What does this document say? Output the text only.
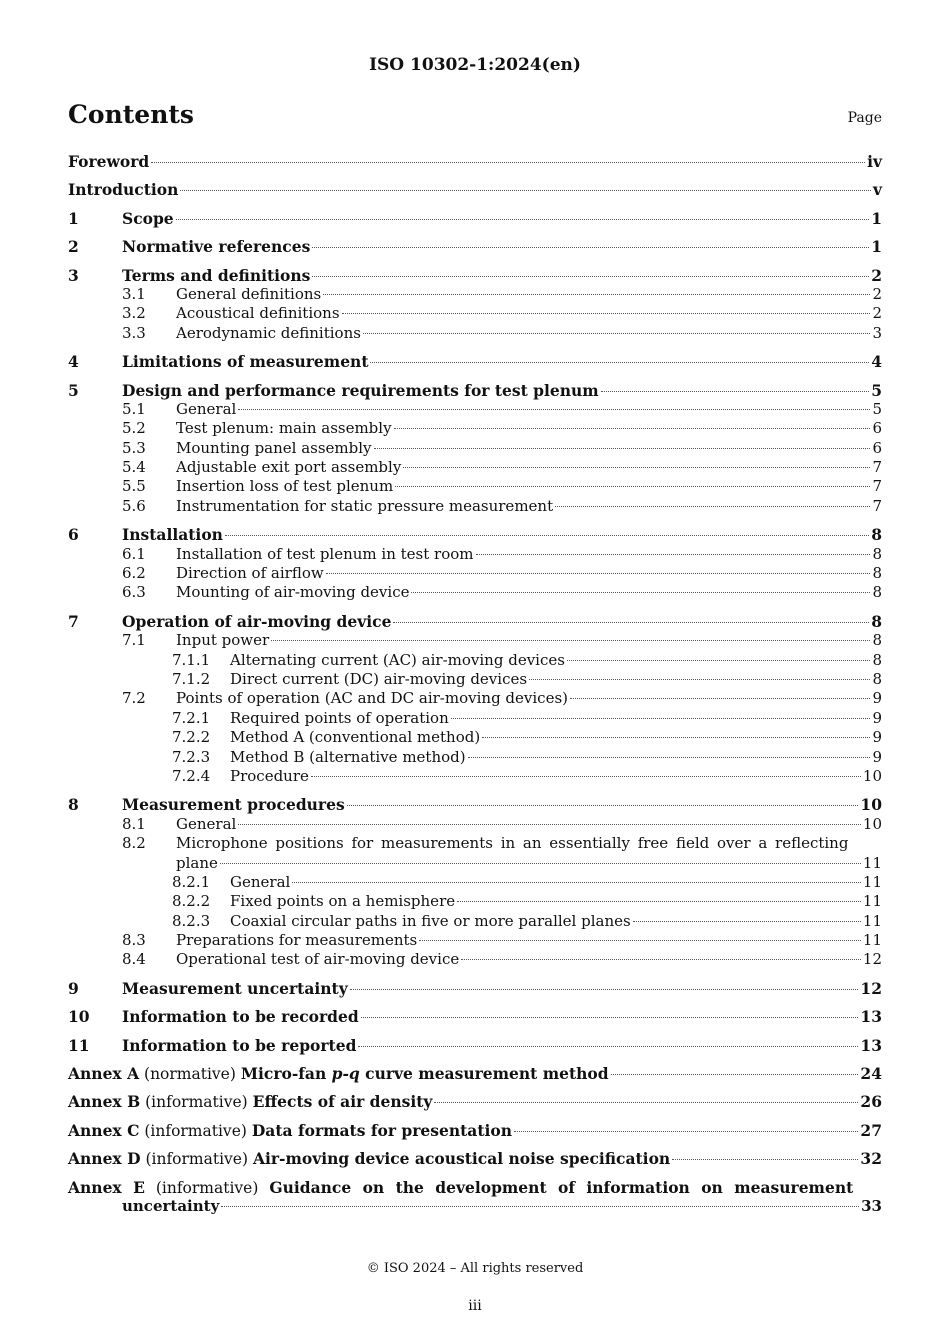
ISO 10302-1:2024(en)
Contents	Page
Foreword	iv
Introduction	v
1	Scope	1
2	Normative references	1
3	Terms and definitions	2
3.1	General definitions	2
3.2	Acoustical definitions	2
3.3	Aerodynamic definitions	3
4	Limitations of measurement	4
5	Design and performance requirements for test plenum	5
5.1	General	5
5.2	Test plenum: main assembly	6
5.3	Mounting panel assembly	6
5.4	Adjustable exit port assembly	7
5.5	Insertion loss of test plenum	7
5.6	Instrumentation for static pressure measurement	7
6	Installation	8
6.1	Installation of test plenum in test room	8
6.2	Direction of airflow	8
6.3	Mounting of air-moving device	8
7	Operation of air-moving device	8
7.1	Input power	8
7.1.1	Alternating current (AC) air-moving devices	8
7.1.2	Direct current (DC) air-moving devices	8
7.2	Points of operation (AC and DC air-moving devices)	9
7.2.1	Required points of operation	9
7.2.2	Method A (conventional method)	9
7.2.3	Method B (alternative method)	9
7.2.4	Procedure	10
8	Measurement procedures	10
8.1	General	10
8.2	Microphone positions for measurements in an essentially free field over a reflecting
plane	11
8.2.1	General	11
8.2.2	Fixed points on a hemisphere	11
8.2.3	Coaxial circular paths in five or more parallel planes	11
8.3	Preparations for measurements	11
8.4	Operational test of air-moving device	12
9	Measurement uncertainty	12
10	Information to be recorded	13
11	Information to be reported	13
Annex A (normative) Micro-fan p-q curve measurement method	24
Annex B (informative) Effects of air density	26
Annex C (informative) Data formats for presentation	27
Annex D (informative) Air-moving device acoustical noise specification	32
Annex E (informative) Guidance on the development of information on measurement
uncertainty	33
© ISO 2024 – All rights reserved
iii
